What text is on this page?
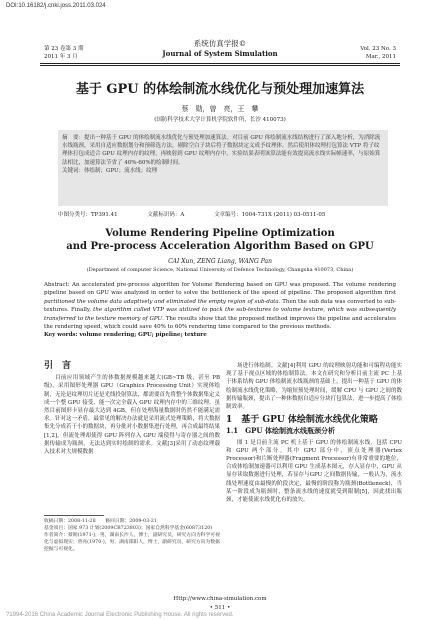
DOI:10.16182/j.cnki.joss.2011.03.024
第 23 卷第 3 期
2011 年 3 月
系统仿真学报©
Journal of System Simulation	Vol. 23 No. 3
Mar., 2011
基于 GPU 的体绘制流水线优化与预处理加速算法
蔡　勋，曾　亮，王　攀
(国防科学技术大学计算机学院软件所，长沙 410073)
摘　要：提出一种基于 GPU 的体绘制流水线优化与预处理加速算法。对目前 GPU 体绘制流水线结构进行了深入地分析，为消除流水线瓶颈，采用自适应数据划分和预筛选方法，剔除空白子块后将子数据块定义成予纹理体。然后使用体纹理打包算法 VTP 将子纹理体打包成适合 GPU 纹理内存的纹理，再映射到 GPU 纹理内存中。实验结果表明该算法能有效提高流水线实际帧速率，与原始算法相比，加速算法节省了 40%-60%的绘制时间。
关键词：体绘制；GPU；流水线；纹理
中图分类号：TP391.41	文献标识码：A	文章编号：1004-731X (2011) 03-0511-05
Volume Rendering Pipeline Optimization
and Pre-process Acceleration Algorithm Based on GPU
CAI Xun, ZENG Liang, WANG Pan
(Department of computer Science, National University of Defence Technology, Changsha 410073, China)
Abstract: An accelerated pre-process algorithm for Volume Rendering based on GPU was proposed. The volume rendering pipeline based on GPU was analyzed in order to solve the bottleneck of the speed of pipeline. The proposed algorithm first partitioned the volume data adaptively and eliminated the empty region of sub-data. Then the sub data was converted to sub-textures. Finally, the algorithm called VTP was utilized to pack the sub-textures to volume texture, which was subsequently transferred to the texture memory of GPU. The results show that the proposed method improves the pipeline and accelerates the rendering speed, which could save 40% to 60% rendering time compared to the previous methods.
Key words: volume rendering; GPU; pipeline; texture
引　言

目前应用领域产生的体数据规模越来越大(GB~TB 级，甚至 PB 级)，采用图形处理器 GPU（Graphics Processing Unit）实现体绘制，无论是纹理切片还是光线投射算法，都需要首先将整个体数据集定义成一个整 GPU 接受、能一次完全载入 GPU 纹理内存中的三维纹理。虽然目前图形卡显存最大达到 4GB，但在处理海量数据时仍然不能满足需求。针对这一矛盾，最常见的解决办法就是采用流式处理策略，将大数据集先分成若干小的数据块，再分批对小数据集进行处理，再合成最终结果[1,2]。但流处理却使得 GPU 阵列存入 GPU 端使得与寄存器之间的数据传输成为瓶颈，无法达到实时绘制的需求。文献[3]采用了动态纹理载入技术对大规模数据

场进行体绘制。文献[4]利用 GPU 的纹理映射功能和可编程功能实现了基于视点区域的体绘制算法。本文在研究和分析目前主流 PC 上基于体系结构 GPU 体绘制流水线瓶颈的基础上，提出一种基于 GPU 的体绘制流水线优化策略，为缩短预处理时间，缓解 CPU 与 GPU 之间的数据传输瓶颈，提出了一种体数据自适应分块打包算法，进一步提高了体绘制效率。

1　基于 GPU 体绘制流水线优化策略
1.1　GPU 体绘制流水线瓶颈分析

图 1 是目前主流 PC 机上基于 GPU 的体绘制流水线，包括 CPU 和 GPU 两个部分。其中 GPU 部分中，顶点处理器(Vertex Processor)和片断处理器(Fragment Processor)有非常重要的地位，合成体绘制加速器可以利用 GPU 生成基本图元，存入显存中，GPU 从显存读取数据进行处理，若显存与GPU 之间数据传输，一般认为，流水线处理速度由最慢的阶段决定，最慢的阶段称为瓶颈(Bottleneck)，当某一阶段成为瓶颈时，整条流水线的速度就受到限制[5]，因此找出瓶颈，才能使流水线优化有的放矢。

收稿日期：2008-11-28　　修回日期：2009-03-21
基金项目：国家 973 计划(2009CB723803)；国家自然科学基金(60873120)
作者简介：蔡勋(1971-)，男，湖南长沙人，博士，副研究员，研究方向为科学可视化与虚拟现实；曾亮(1970-)，男，湖南邵阳人，博士，副研究员，研究方向为数据挖掘与可视化。
Http://www.china-simulation.com
• 511 •
?1994-2016 China Academic Journal Electronic Publishing House. All rights reserved.
